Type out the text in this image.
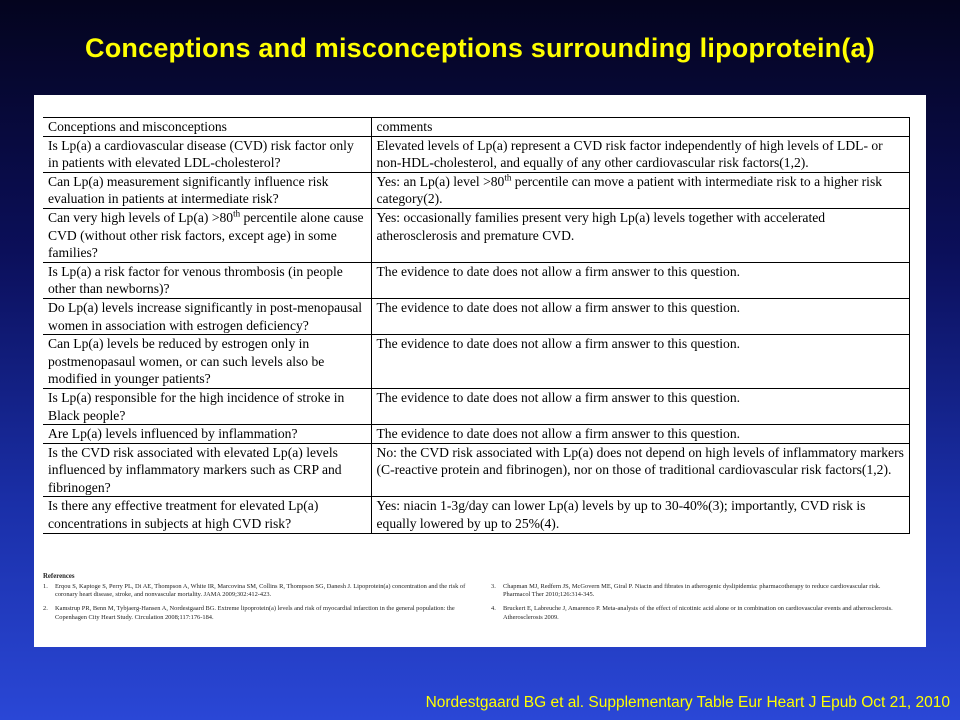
Conceptions and misconceptions surrounding lipoprotein(a)
Conceptions and misconceptions	comments
Is Lp(a) a cardiovascular disease (CVD) risk factor only in patients with elevated LDL-cholesterol?	Elevated levels of Lp(a) represent a CVD risk factor independently of high levels of LDL- or non-HDL-cholesterol, and equally of any other cardiovascular risk factors(1,2).
Can Lp(a) measurement significantly influence risk evaluation in patients at intermediate risk?	Yes: an Lp(a) level >80th percentile can move a patient with intermediate risk to a higher risk category(2).
Can very high levels of Lp(a) >80th percentile alone cause CVD (without other risk factors, except age) in some families?	Yes: occasionally families present very high Lp(a) levels together with accelerated atherosclerosis and premature CVD.
Is Lp(a) a risk factor for venous thrombosis (in people other than newborns)?	The evidence to date does not allow a firm answer to this question.
Do Lp(a) levels increase significantly in post-menopausal women in association with estrogen deficiency?	The evidence to date does not allow a firm answer to this question.
Can Lp(a) levels be reduced by estrogen only in postmenopasaul women, or can such levels also be modified in younger patients?	The evidence to date does not allow a firm answer to this question.
Is Lp(a) responsible for the high incidence of stroke in Black people?	The evidence to date does not allow a firm answer to this question.
Are Lp(a) levels influenced by inflammation?	The evidence to date does not allow a firm answer to this question.
Is the CVD risk associated with elevated Lp(a) levels influenced by inflammatory markers such as CRP and fibrinogen?	No: the CVD risk associated with Lp(a) does not depend on high levels of inflammatory markers (C-reactive protein and fibrinogen), nor on those of traditional cardiovascular risk factors(1,2).
Is there any effective treatment for elevated Lp(a) concentrations in subjects at high CVD risk?	Yes: niacin 1-3g/day can lower Lp(a) levels by up to 30-40%(3); importantly, CVD risk is equally lowered by up to 25%(4).
References
1.	Erqou S, Kaptoge S, Perry PL, Di AE, Thompson A, White IR, Marcovina SM, Collins R, Thompson SG, Danesh J. Lipoprotein(a) concentration and the risk of coronary heart disease, stroke, and nonvascular mortality. JAMA 2009;302:412-423.
2.	Kamstrup PR, Benn M, Tybjaerg-Hansen A, Nordestgaard BG. Extreme lipoprotein(a) levels and risk of myocardial infarction in the general population: the Copenhagen City Heart Study. Circulation 2008;117:176-184.
3.	Chapman MJ, Redfern JS, McGovern ME, Giral P. Niacin and fibrates in atherogenic dyslipidemia: pharmacotherapy to reduce cardiovascular risk. Pharmacol Ther 2010;126:314-345.
4.	Bruckert E, Labreuche J, Amarenco P. Meta-analysis of the effect of nicotinic acid alone or in combination on cardiovascular events and atherosclerosis. Atherosclerosis 2009.
Nordestgaard BG et al. Supplementary Table Eur Heart J Epub Oct 21, 2010
